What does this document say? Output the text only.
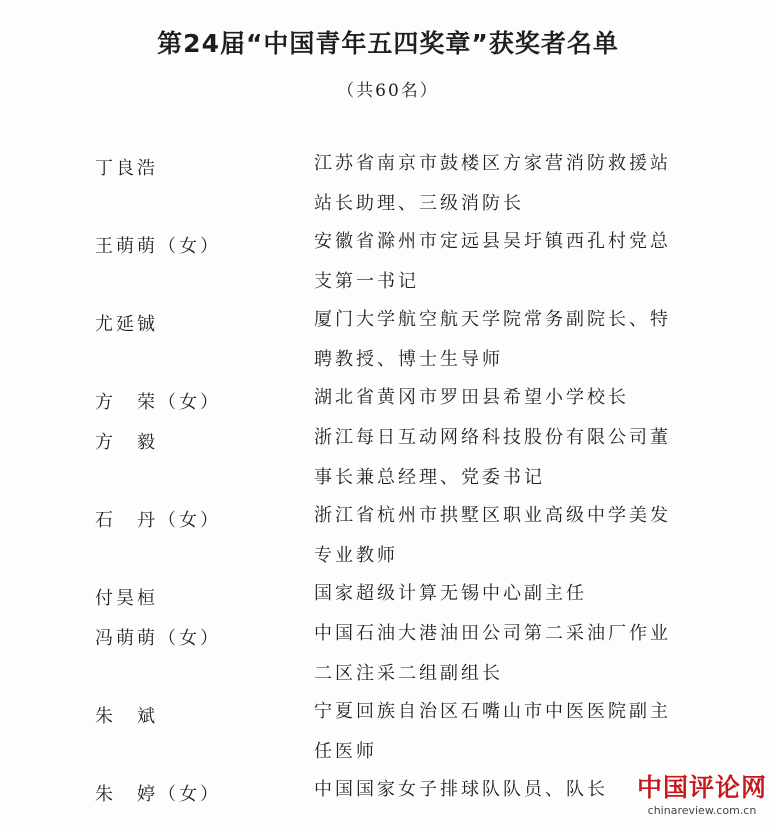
第24届“中国青年五四奖章”获奖者名单
（共60名）
丁良浩	江苏省南京市鼓楼区方家营消防救援站
站长助理、三级消防长
王萌萌（女）	安徽省滁州市定远县吴圩镇西孔村党总
支第一书记
尤延铖	厦门大学航空航天学院常务副院长、特
聘教授、博士生导师
方　荣（女）	湖北省黄冈市罗田县希望小学校长
方　毅	浙江每日互动网络科技股份有限公司董
事长兼总经理、党委书记
石　丹（女）	浙江省杭州市拱墅区职业高级中学美发
专业教师
付昊桓	国家超级计算无锡中心副主任
冯萌萌（女）	中国石油大港油田公司第二采油厂作业
二区注采二组副组长
朱　斌	宁夏回族自治区石嘴山市中医医院副主
任医师
朱　婷（女）	中国国家女子排球队队员、队长	中国评论网
chinareview.com.cn
